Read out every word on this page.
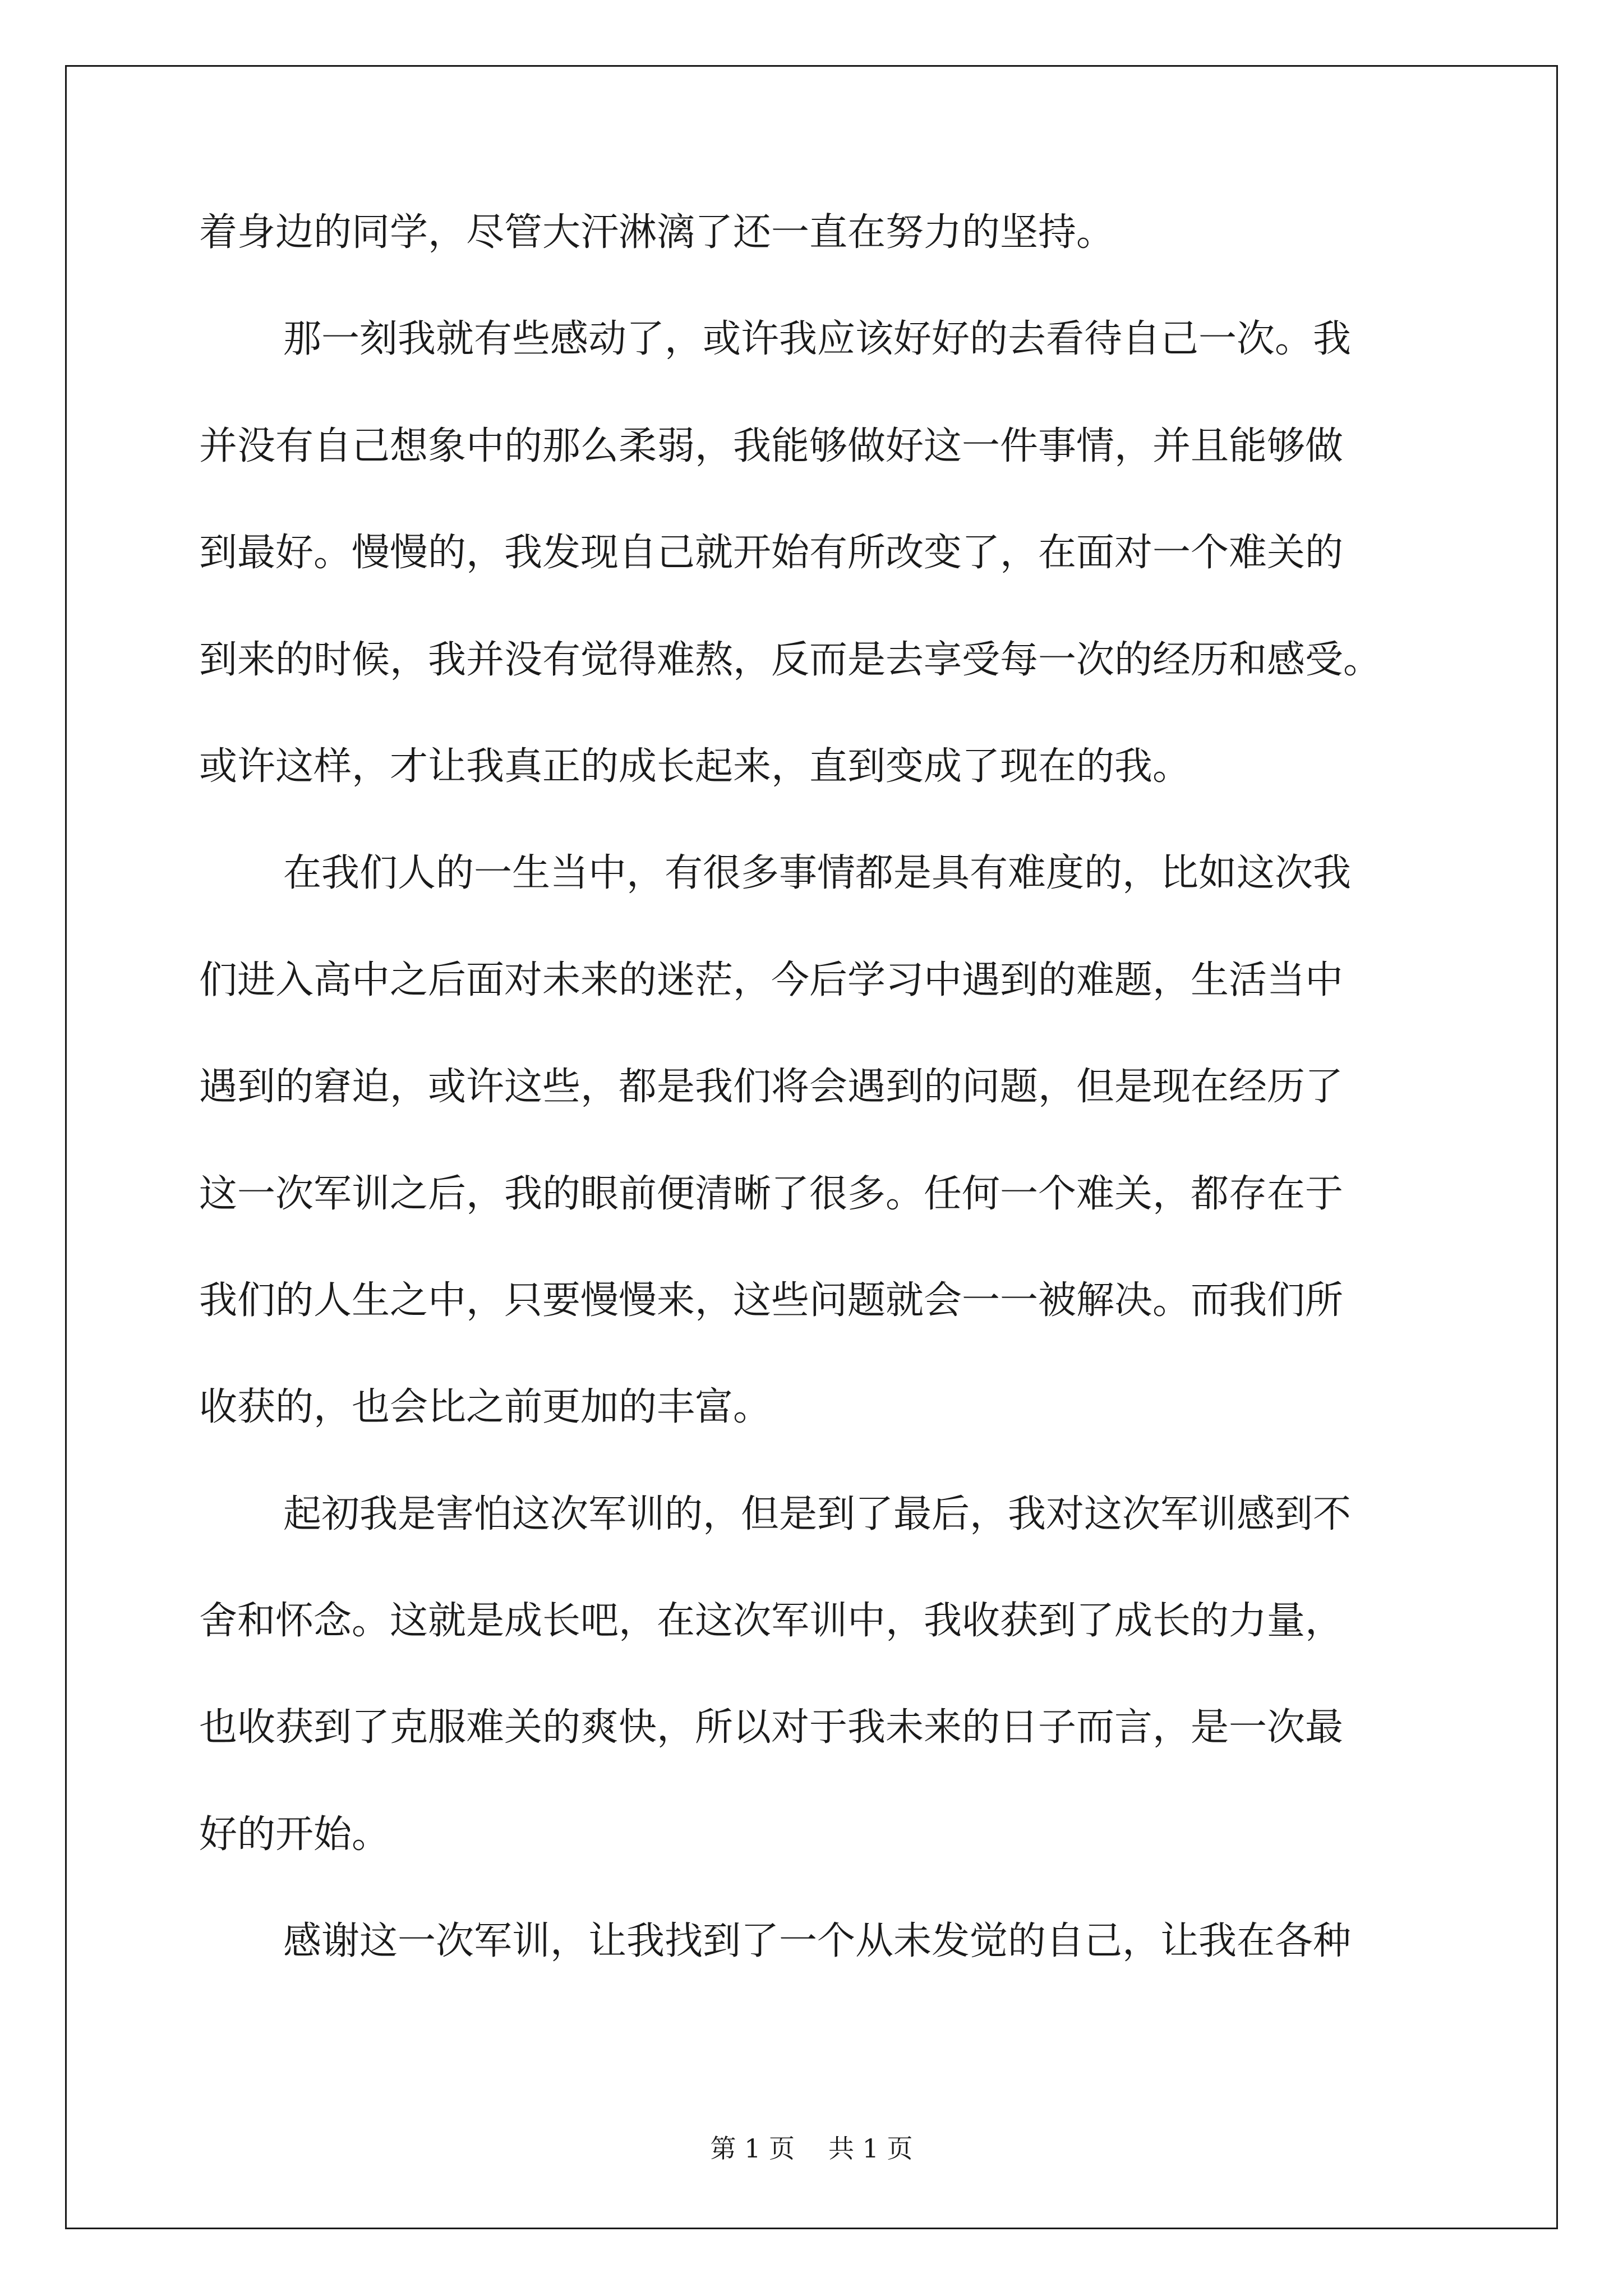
着身边的同学，尽管大汗淋漓了还一直在努力的坚持。
那一刻我就有些感动了，或许我应该好好的去看待自己一次。我
并没有自己想象中的那么柔弱，我能够做好这一件事情，并且能够做
到最好。慢慢的，我发现自己就开始有所改变了，在面对一个难关的
到来的时候，我并没有觉得难熬，反而是去享受每一次的经历和感受。
或许这样，才让我真正的成长起来，直到变成了现在的我。
在我们人的一生当中，有很多事情都是具有难度的，比如这次我
们进入高中之后面对未来的迷茫，今后学习中遇到的难题，生活当中
遇到的窘迫，或许这些，都是我们将会遇到的问题，但是现在经历了
这一次军训之后，我的眼前便清晰了很多。任何一个难关，都存在于
我们的人生之中，只要慢慢来，这些问题就会一一被解决。而我们所
收获的，也会比之前更加的丰富。
起初我是害怕这次军训的，但是到了最后，我对这次军训感到不
舍和怀念。这就是成长吧，在这次军训中，我收获到了成长的力量，
也收获到了克服难关的爽快，所以对于我未来的日子而言，是一次最
好的开始。
感谢这一次军训，让我找到了一个从未发觉的自己，让我在各种
第 1 页 共 1 页
